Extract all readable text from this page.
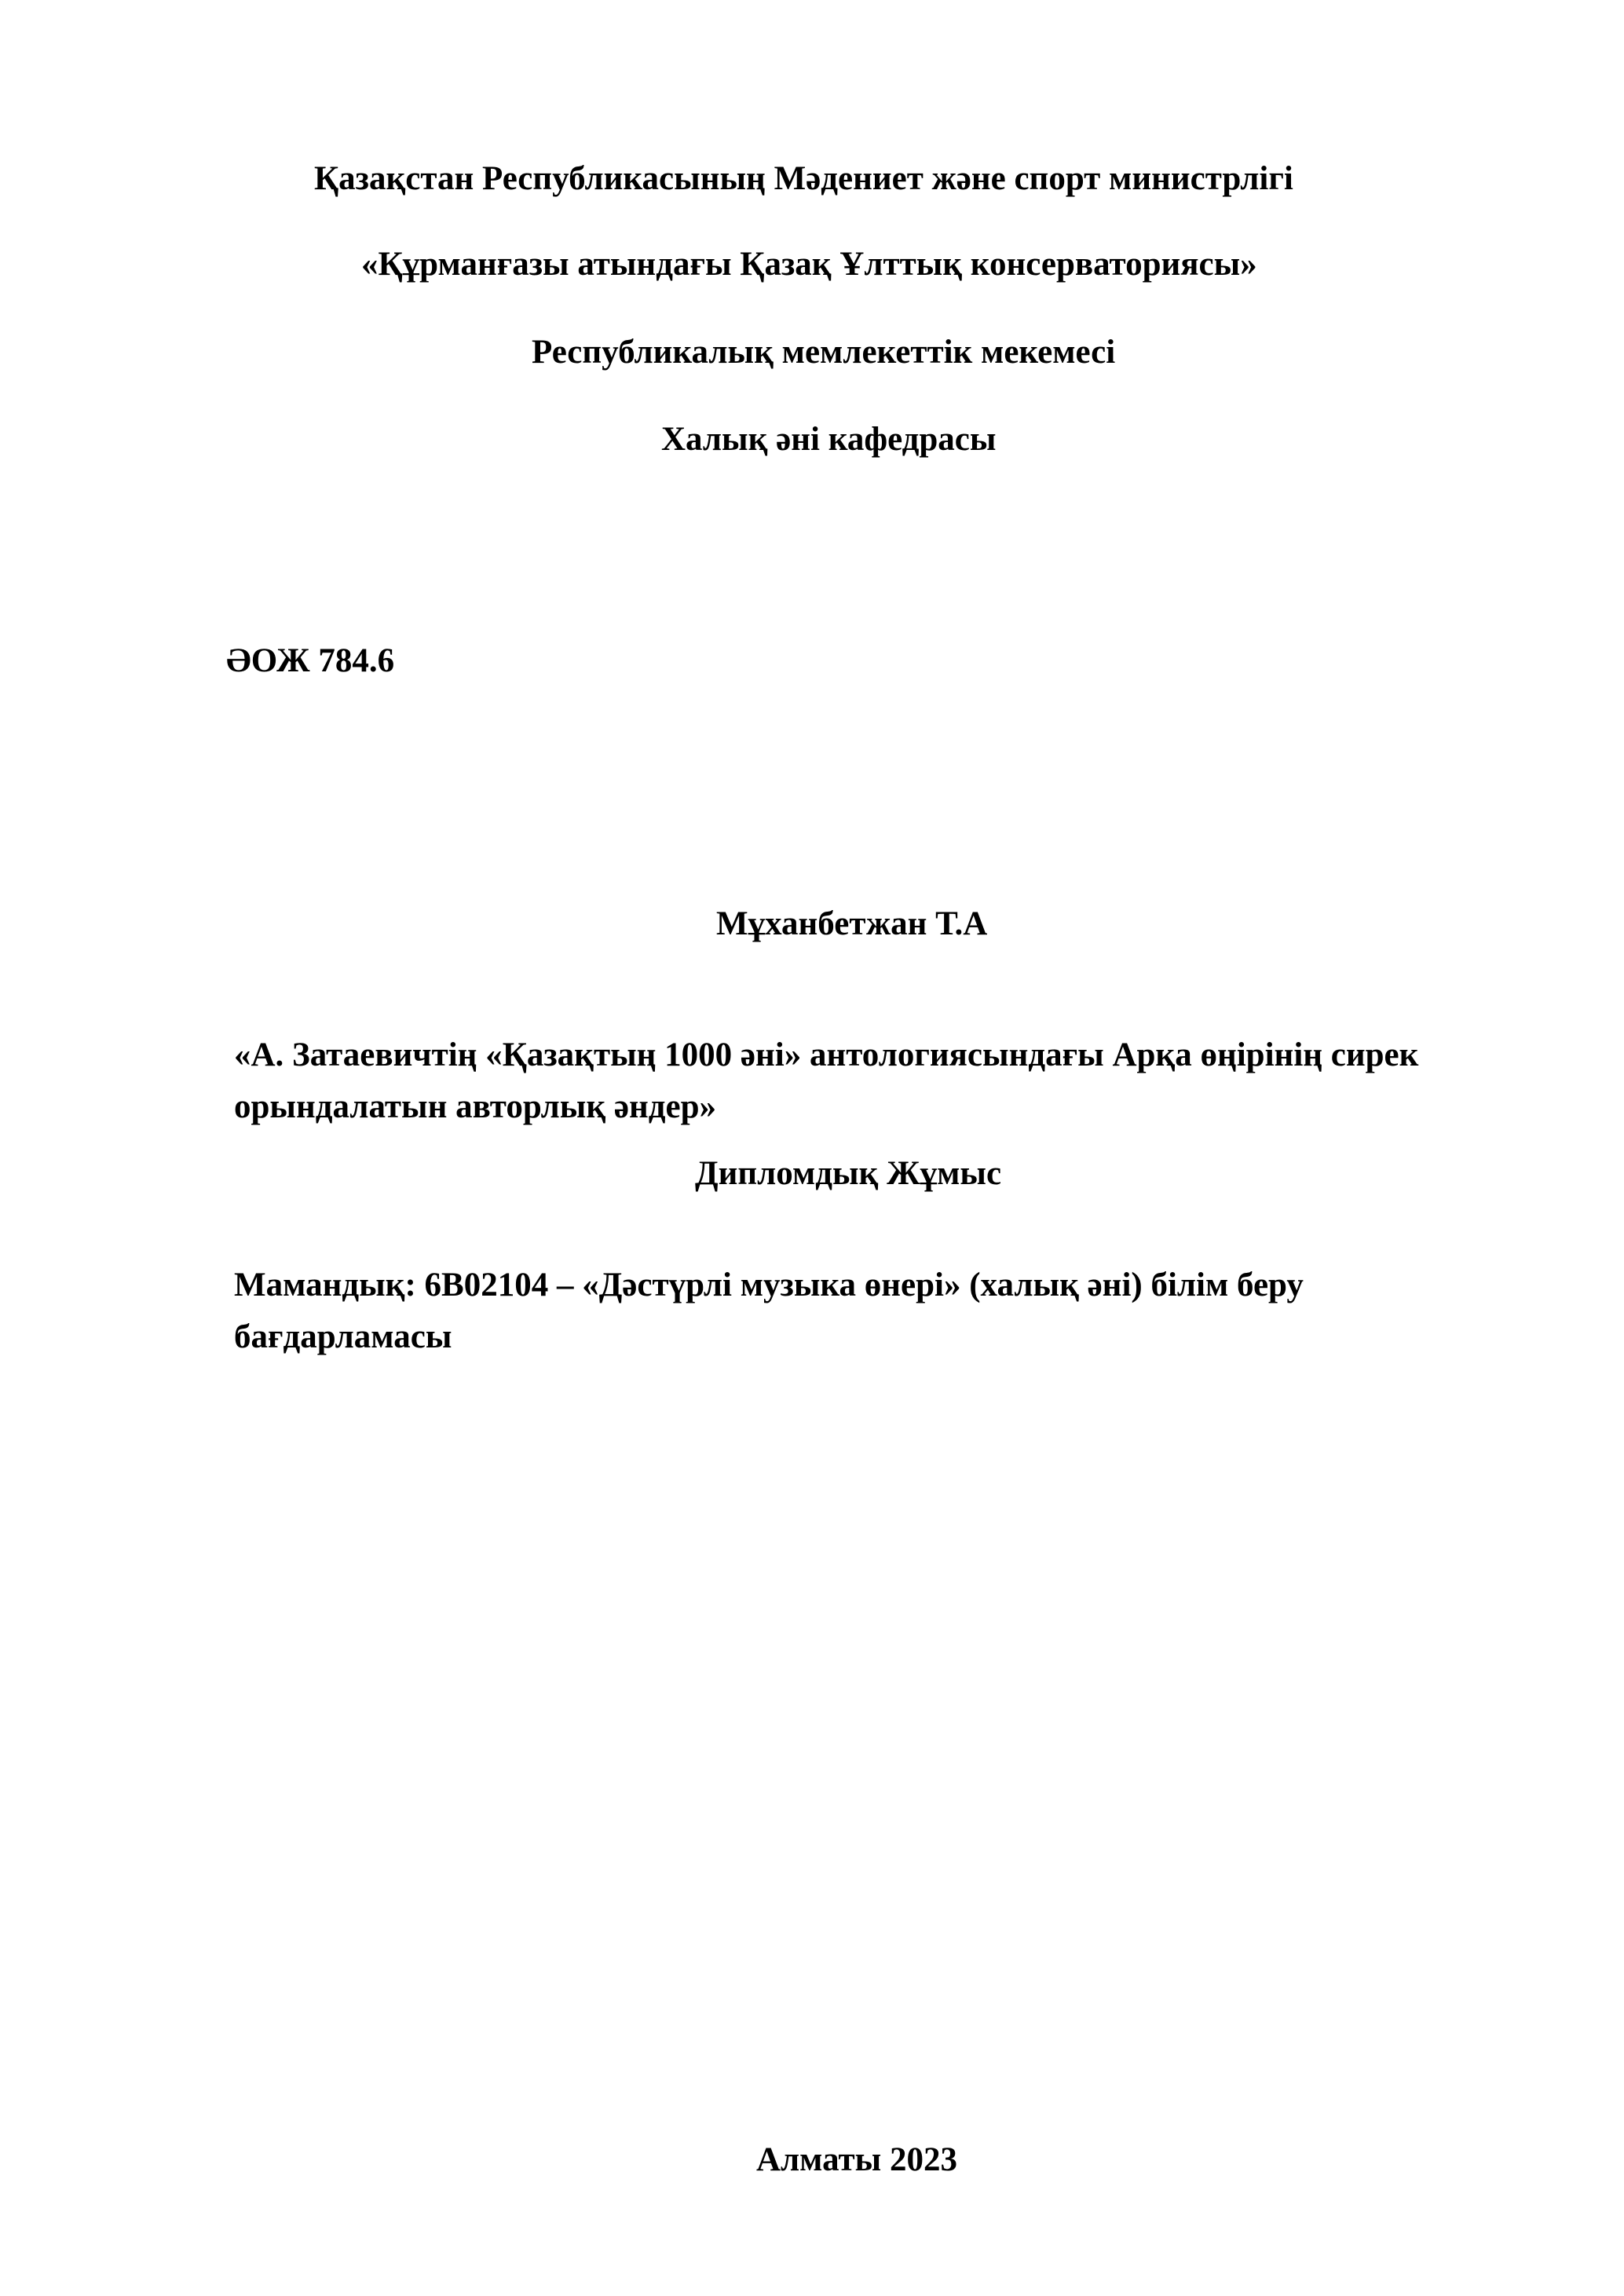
Қазақстан Республикасының Мәдениет және спорт министрлігі
«Құрманғазы атындағы Қазақ Ұлттық консерваториясы»
Республикалық мемлекеттік мекемесі
Халық әні кафедрасы
ӘОЖ 784.6
Мұханбетжан Т.А
«А. Затаевичтің «Қазақтың 1000 әні» антологиясындағы Арқа өңірінің сирек орындалатын авторлық әндер»
Дипломдық Жұмыс
Мамандық: 6В02104 – «Дәстүрлі музыка өнері» (халық әні) білім беру бағдарламасы
Алматы 2023
